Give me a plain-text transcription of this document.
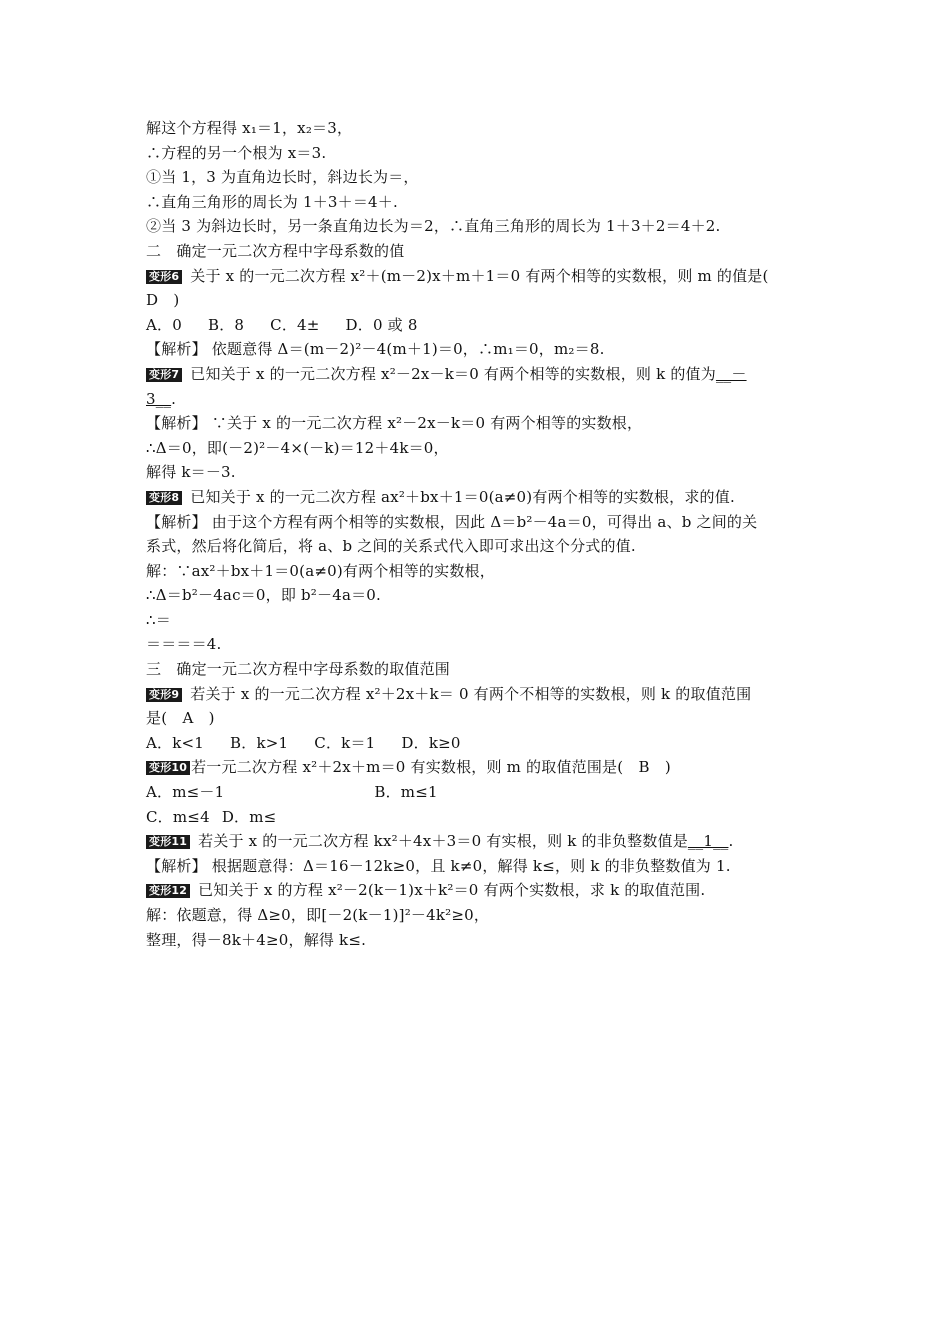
解这个方程得 x₁＝1，x₂＝3，
∴方程的另一个根为 x＝3.
①当 1，3 为直角边长时，斜边长为＝，
∴直角三角形的周长为 1＋3＋＝4＋.
②当 3 为斜边长时，另一条直角边长为＝2，∴直角三角形的周长为 1＋3＋2＝4＋2.
二　确定一元二次方程中字母系数的值
变形6 关于 x 的一元二次方程 x²＋(m－2)x＋m＋1＝0 有两个相等的实数根，则 m 的值是(
D　)
A．0 B．8 C．4± D．0 或 8
【解析】 依题意得 Δ＝(m－2)²－4(m＋1)＝0，∴m₁＝0，m₂＝8.
变形7 已知关于 x 的一元二次方程 x²－2x－k＝0 有两个相等的实数根，则 k 的值为__－
3__.
【解析】 ∵关于 x 的一元二次方程 x²－2x－k＝0 有两个相等的实数根，
∴Δ＝0，即(－2)²－4×(－k)＝12＋4k＝0，
解得 k＝－3.
变形8 已知关于 x 的一元二次方程 ax²＋bx＋1＝0(a≠0)有两个相等的实数根，求的值.
【解析】 由于这个方程有两个相等的实数根，因此 Δ＝b²－4a＝0，可得出 a、b 之间的关
系式，然后将化简后，将 a、b 之间的关系式代入即可求出这个分式的值.
解：∵ax²＋bx＋1＝0(a≠0)有两个相等的实数根，
∴Δ＝b²－4ac＝0，即 b²－4a＝0.
∴＝
＝＝＝＝4.
三　确定一元二次方程中字母系数的取值范围
变形9 若关于 x 的一元二次方程 x²＋2x＋k＝ 0 有两个不相等的实数根，则 k 的取值范围
是(　A　)
A．k<1 B．k>1 C．k＝1 D．k≥0
变形10 若一元二次方程 x²＋2x＋m＝0 有实数根，则 m 的取值范围是(　B　)
A．m≤－1	B．m≤1
C．m≤4 D．m≤
变形11 若关于 x 的一元二次方程 kx²＋4x＋3＝0 有实根，则 k 的非负整数值是__1__.
【解析】 根据题意得：Δ＝16－12k≥0，且 k≠0，解得 k≤，则 k 的非负整数值为 1.
变形12 已知关于 x 的方程 x²－2(k－1)x＋k²＝0 有两个实数根，求 k 的取值范围.
解：依题意，得 Δ≥0，即[－2(k－1)]²－4k²≥0，
整理，得－8k＋4≥0，解得 k≤.
